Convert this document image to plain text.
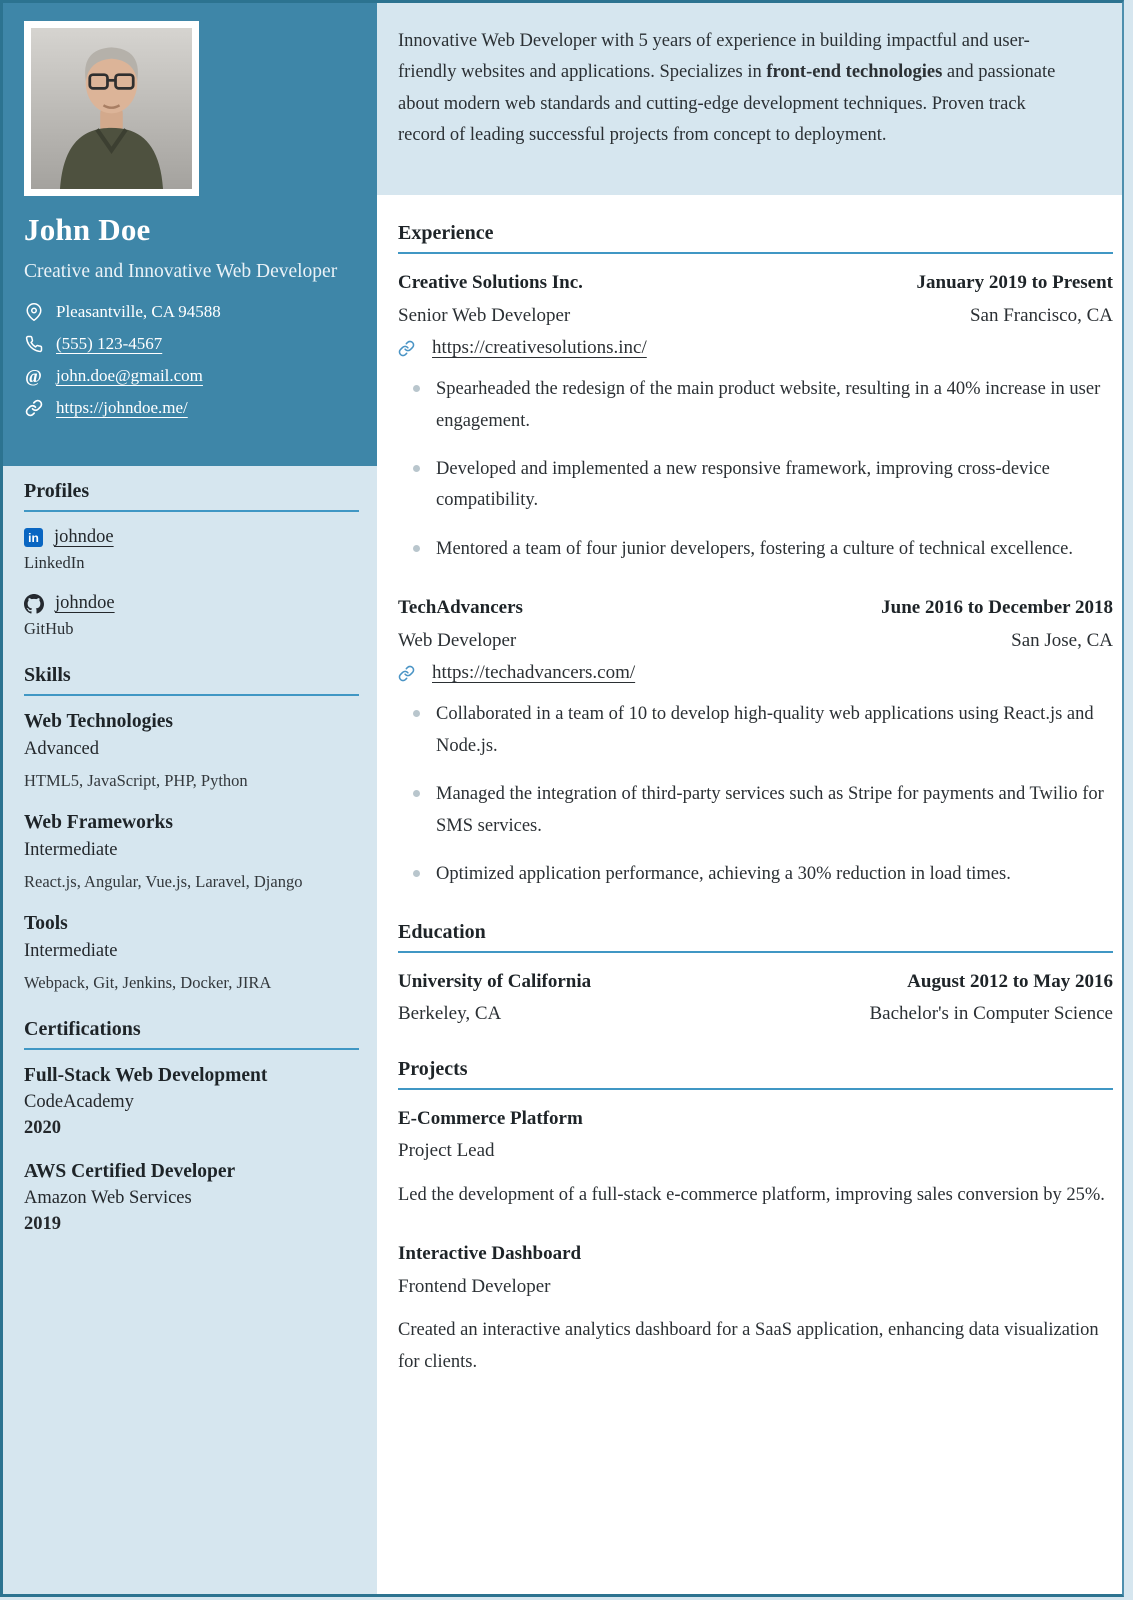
John Doe
Creative and Innovative Web Developer
Pleasantville, CA 94588
(555) 123-4567
@ john.doe@gmail.com
https://johndoe.me/
Profiles
in johndoe
LinkedIn
johndoe
GitHub
Skills
Web Technologies
Advanced
HTML5, JavaScript, PHP, Python
Web Frameworks
Intermediate
React.js, Angular, Vue.js, Laravel, Django
Tools
Intermediate
Webpack, Git, Jenkins, Docker, JIRA
Certifications
Full-Stack Web Development
CodeAcademy
2020
AWS Certified Developer
Amazon Web Services
2019
Innovative Web Developer with 5 years of experience in building impactful and user-friendly websites and applications. Specializes in front-end technologies and passionate about modern web standards and cutting-edge development techniques. Proven track record of leading successful projects from concept to deployment.
Experience
Creative Solutions Inc.	January 2019 to Present
Senior Web Developer	San Francisco, CA
https://creativesolutions.inc/
Spearheaded the redesign of the main product website, resulting in a 40% increase in user engagement.
Developed and implemented a new responsive framework, improving cross-device compatibility.
Mentored a team of four junior developers, fostering a culture of technical excellence.
TechAdvancers	June 2016 to December 2018
Web Developer	San Jose, CA
https://techadvancers.com/
Collaborated in a team of 10 to develop high-quality web applications using React.js and Node.js.
Managed the integration of third-party services such as Stripe for payments and Twilio for SMS services.
Optimized application performance, achieving a 30% reduction in load times.
Education
University of California	August 2012 to May 2016
Berkeley, CA	Bachelor's in Computer Science
Projects
E-Commerce Platform
Project Lead
Led the development of a full-stack e-commerce platform, improving sales conversion by 25%.
Interactive Dashboard
Frontend Developer
Created an interactive analytics dashboard for a SaaS application, enhancing data visualization for clients.
